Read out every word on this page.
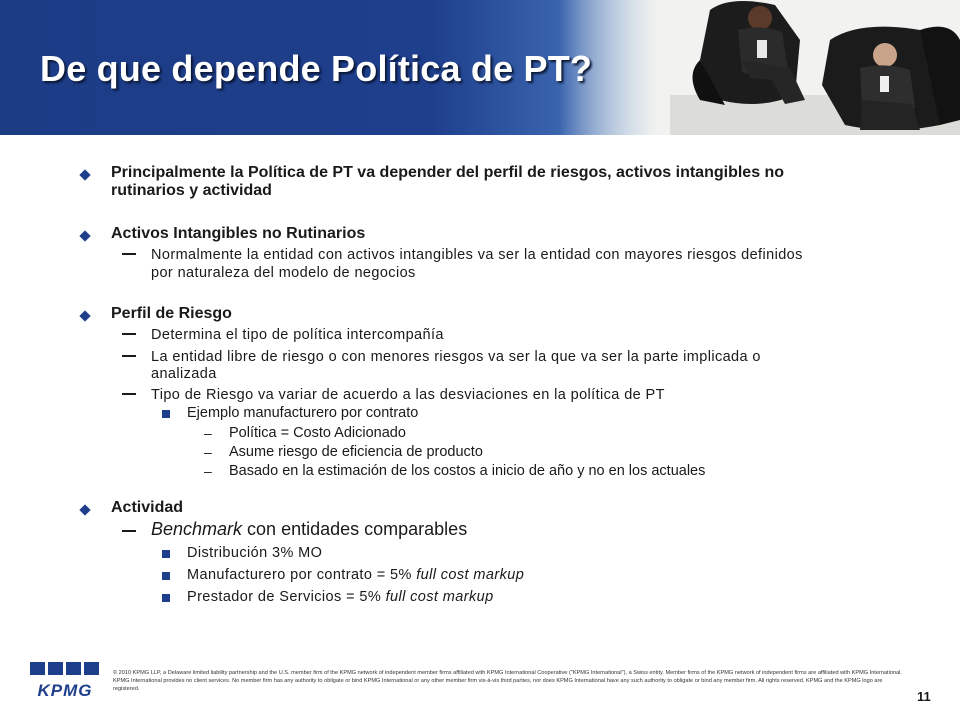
De que depende Política de PT?
Principalmente la Política de PT va depender del perfil de riesgos, activos intangibles no
rutinarios y actividad
Activos Intangibles no Rutinarios
Normalmente la entidad con activos intangibles va ser la entidad con mayores riesgos definidos
por naturaleza del modelo de negocios
Perfil de Riesgo
Determina el tipo de política intercompañía
La entidad libre de riesgo o con menores riesgos va ser la que va ser la parte implicada o
analizada
Tipo de Riesgo va variar de acuerdo a las desviaciones en la política de PT
Ejemplo manufacturero por contrato
– Política = Costo Adicionado
– Asume riesgo de eficiencia de producto
– Basado en la estimación de los costos a inicio de año y no en los actuales
Actividad
Benchmark con entidades comparables
Distribución 3% MO
Manufacturero por contrato = 5% full cost markup
Prestador de Servicios = 5% full cost markup
KPMG
© 2010 KPMG LLP, a Delaware limited liability partnership and the U.S. member firm of the KPMG network of independent member firms affiliated with KPMG International Cooperative ("KPMG International"), a Swiss entity. Member firms of the KPMG network of independent firms are affiliated with KPMG International. KPMG International provides no client services. No member firm has any authority to obligate or bind KPMG International or any other member firm vis-à-vis third parties, nor does KPMG International have any such authority to obligate or bind any member firm. All rights reserved. KPMG and the KPMG logo are registered.
11
